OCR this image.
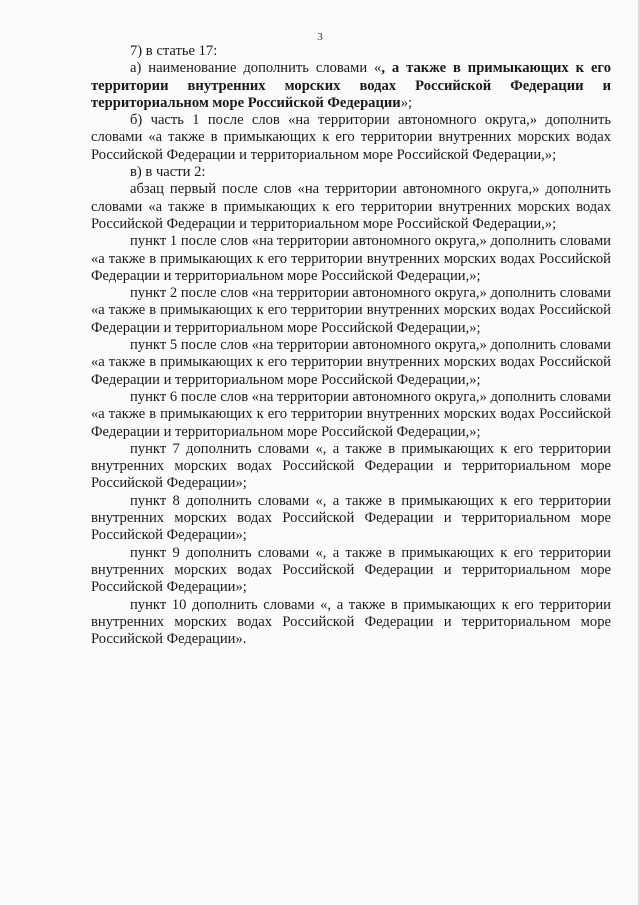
3

7) в статье 17:

а) наименование дополнить словами «, а также в примыкающих к его территории внутренних морских водах Российской Федерации и территориальном море Российской Федерации»;

б) часть 1 после слов «на территории автономного округа,» дополнить словами «а также в примыкающих к его территории внутренних морских водах Российской Федерации и территориальном море Российской Федерации,»;

в) в части 2:

абзац первый после слов «на территории автономного округа,» дополнить словами «а также в примыкающих к его территории внутренних морских водах Российской Федерации и территориальном море Российской Федерации,»;

пункт 1 после слов «на территории автономного округа,» дополнить словами «а также в примыкающих к его территории внутренних морских водах Российской Федерации и территориальном море Российской Федерации,»;

пункт 2 после слов «на территории автономного округа,» дополнить словами «а также в примыкающих к его территории внутренних морских водах Российской Федерации и территориальном море Российской Федерации,»;

пункт 5 после слов «на территории автономного округа,» дополнить словами «а также в примыкающих к его территории внутренних морских водах Российской Федерации и территориальном море Российской Федерации,»;

пункт 6 после слов «на территории автономного округа,» дополнить словами «а также в примыкающих к его территории внутренних морских водах Российской Федерации и территориальном море Российской Федерации,»;

пункт 7 дополнить словами «, а также в примыкающих к его территории внутренних морских водах Российской Федерации и территориальном море Российской Федерации»;

пункт 8 дополнить словами «, а также в примыкающих к его территории внутренних морских водах Российской Федерации и территориальном море Российской Федерации»;

пункт 9 дополнить словами «, а также в примыкающих к его территории внутренних морских водах Российской Федерации и территориальном море Российской Федерации»;

пункт 10 дополнить словами «, а также в примыкающих к его территории внутренних морских водах Российской Федерации и территориальном море Российской Федерации».
